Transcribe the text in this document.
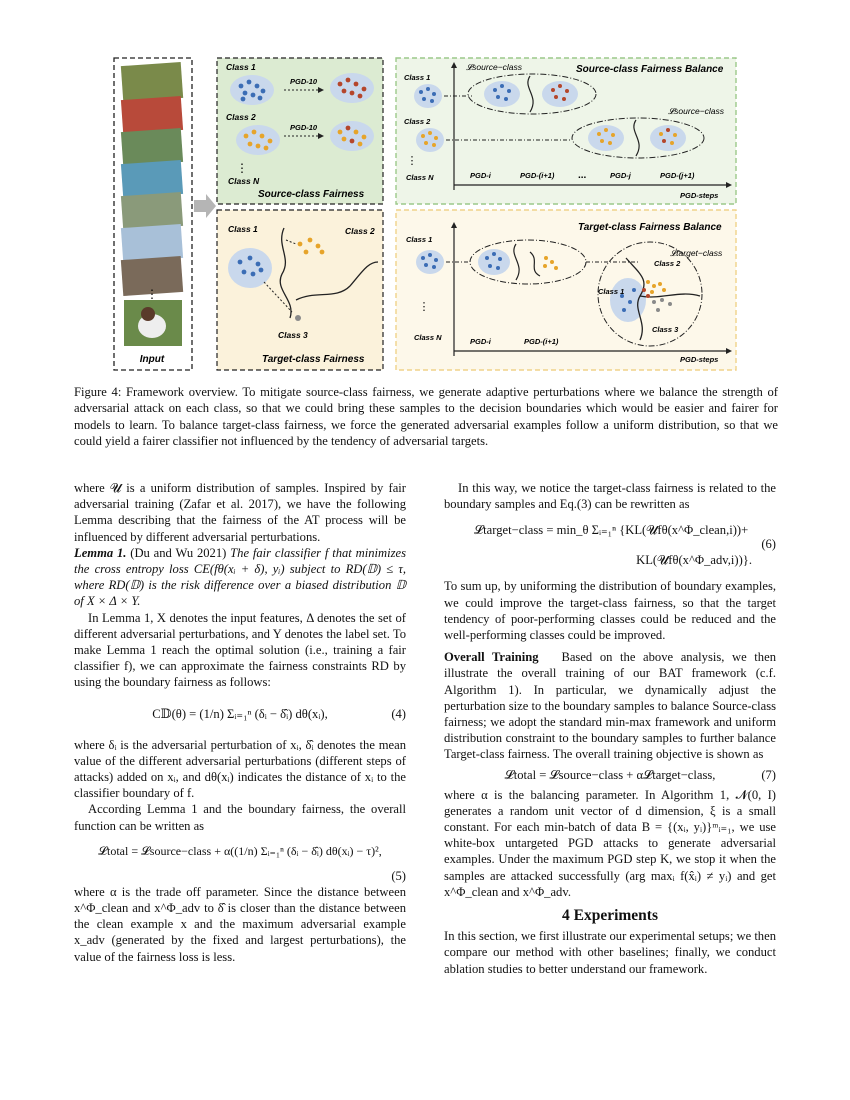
⋮
Input
Class 1
PGD-10
Class 2
PGD-10
⋮
Class N
Source-class Fairness
Class 1	Class 2
Class 3
Target-class Fairness
Source-class Fairness Balance
𝓛source−class
𝓛source−class
Class 1
Class 2
⋮
Class N	PGD-i	PGD-(i+1) ...	PGD-j	PGD-(j+1)
PGD-steps
Target-class Fairness Balance
𝓛target−class
Class 1
⋮
Class N
Class 2
Class 1
Class 3
PGD-i	PGD-(i+1)
PGD-steps
Figure 4: Framework overview. To mitigate source-class fairness, we generate adaptive perturbations where we balance the strength of adversarial attack on each class, so that we could bring these samples to the decision boundaries which would be easier and fairer for models to learn. To balance target-class fairness, we force the generated adversarial examples follow a uniform distribution, so that we could yield a fairer classifier not influenced by the tendency of adversarial targets.

where 𝓤 is a uniform distribution of samples. Inspired by fair adversarial training (Zafar et al. 2017), we have the following Lemma describing that the fairness of the AT process will be influenced by different adversarial perturbations.

Lemma 1. (Du and Wu 2021) The fair classifier f that minimizes the cross entropy loss CE(fθ(xᵢ + δ), yᵢ) subject to RD(𝔻) ≤ τ, where RD(𝔻) is the risk difference over a biased distribution 𝔻 of X × Δ × Y.

In Lemma 1, X denotes the input features, Δ denotes the set of different adversarial perturbations, and Y denotes the label set. To make Lemma 1 reach the optimal solution (i.e., training a fair classifier f), we can approximate the fairness constraints RD by using the boundary fairness as follows:

C𝔻(θ) = (1/n) Σᵢ₌₁ⁿ (δᵢ − δ̂ᵢ) dθ(xᵢ),	(4)

where δᵢ is the adversarial perturbation of xᵢ, δ̂ᵢ denotes the mean value of the different adversarial perturbations (different steps of attacks) added on xᵢ, and dθ(xᵢ) indicates the distance of xᵢ to the classifier boundary of f.

According Lemma 1 and the boundary fairness, the overall function can be written as

𝓛total = 𝓛source−class + α((1/n) Σᵢ₌₁ⁿ (δᵢ − δ̂ᵢ) dθ(xᵢ) − τ)²,
(5)

where α is the trade off parameter. Since the distance between x^Φ_clean and x^Φ_adv to δ̂ is closer than the distance between the clean example x and the maximum adversarial example x_adv (generated by the fixed and largest perturbations), the value of the fairness loss is less.

In this way, we notice the target-class fairness is related to the boundary samples and Eq.(3) can be rewritten as

𝓛target−class = min_θ Σᵢ₌₁ⁿ {KL(𝓤fθ(x^Φ_clean,i))+
KL(𝓤fθ(x^Φ_adv,i))}.
(6)

To sum up, by uniforming the distribution of boundary examples, we could improve the target-class fairness, so that the target tendency of poor-performing classes could be reduced and the well-performing classes could be improved.

Overall Training Based on the above analysis, we then illustrate the overall training of our BAT framework (c.f. Algorithm 1). In particular, we dynamically adjust the perturbation size to the boundary samples to balance Source-class fairness; we adopt the standard min-max framework and uniform distribution constraint to the boundary samples to further balance Target-class fairness. The overall training objective is shown as

𝓛total = 𝓛source−class + α𝓛target−class,	(7)

where α is the balancing parameter. In Algorithm 1, 𝓝(0, I) generates a random unit vector of d dimension, ξ is a small constant. For each min-batch of data B = {(xᵢ, yᵢ)}ᵐᵢ₌₁, we use white-box untargeted PGD attacks to generate adversarial examples. Under the maximum PGD step K, we stop it when the samples are attacked successfully (arg maxᵢ f(x̂ᵢ) ≠ yᵢ) and get x^Φ_clean and x^Φ_adv.

4 Experiments

In this section, we first illustrate our experimental setups; we then compare our method with other baselines; finally, we conduct ablation studies to better understand our framework.
